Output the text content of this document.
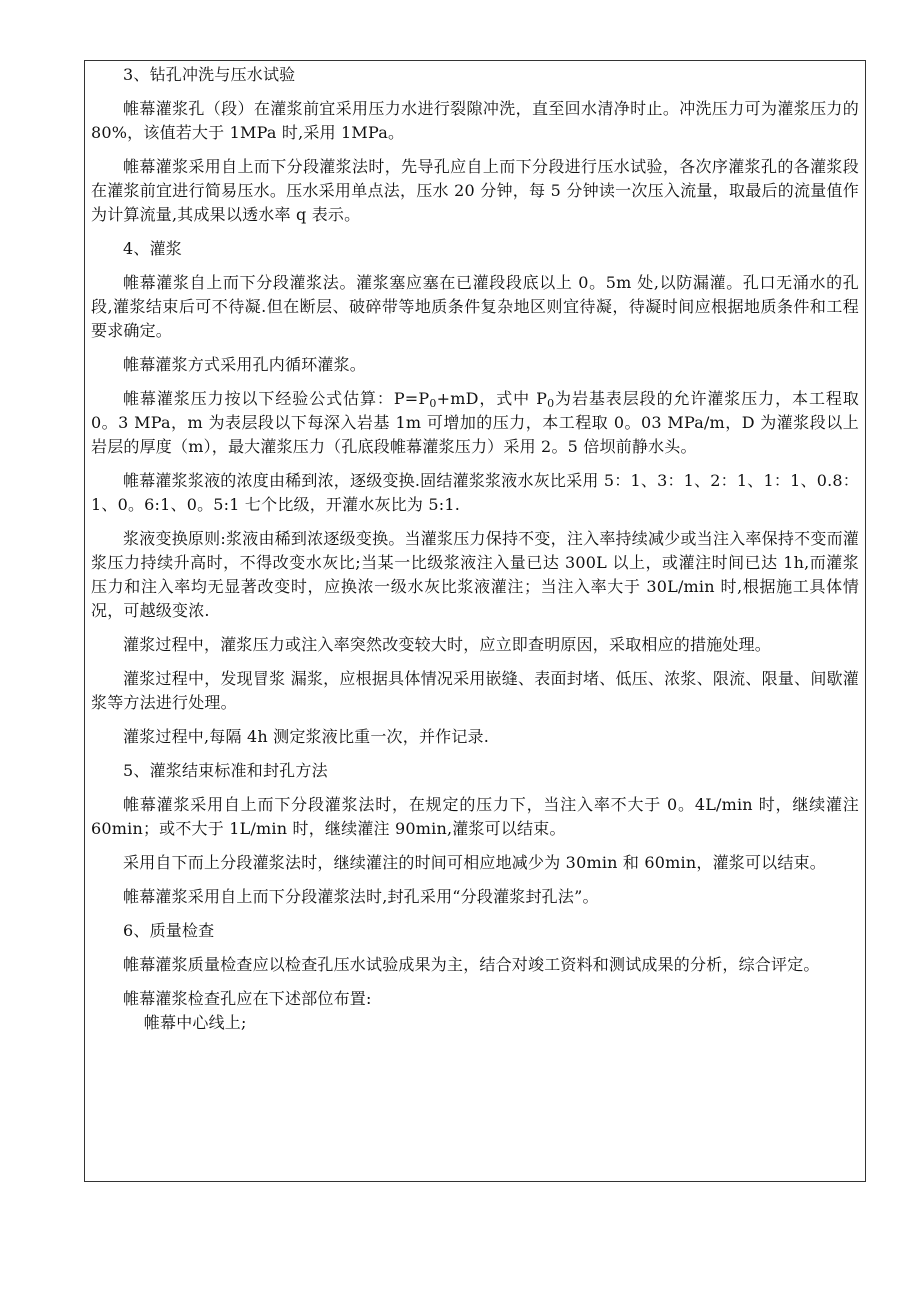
3、钻孔冲洗与压水试验

帷幕灌浆孔（段）在灌浆前宜采用压力水进行裂隙冲洗，直至回水清净时止。冲洗压力可为灌浆压力的 80%，该值若大于 1MPa 时,采用 1MPa。

帷幕灌浆采用自上而下分段灌浆法时，先导孔应自上而下分段进行压水试验，各次序灌浆孔的各灌浆段在灌浆前宜进行简易压水。压水采用单点法，压水 20 分钟，每 5 分钟读一次压入流量，取最后的流量值作为计算流量,其成果以透水率 q 表示。

4、灌浆

帷幕灌浆自上而下分段灌浆法。灌浆塞应塞在已灌段段底以上 0。5m 处,以防漏灌。孔口无涌水的孔段,灌浆结束后可不待凝.但在断层、破碎带等地质条件复杂地区则宜待凝，待凝时间应根据地质条件和工程要求确定。

帷幕灌浆方式采用孔内循环灌浆。

帷幕灌浆压力按以下经验公式估算：$P=P_0+mD$，式中 $P_0$为岩基表层段的允许灌浆压力，本工程取 0。3 MPa，m 为表层段以下每深入岩基 1m 可增加的压力，本工程取 0。03 MPa/m，D 为灌浆段以上岩层的厚度（m），最大灌浆压力（孔底段帷幕灌浆压力）采用 2。5 倍坝前静水头。

帷幕灌浆浆液的浓度由稀到浓，逐级变换.固结灌浆浆液水灰比采用 5：1、3：1、2：1、1：1、0.8：1、0。6:1、0。5:1 七个比级，开灌水灰比为 5:1.

浆液变换原则:浆液由稀到浓逐级变换。当灌浆压力保持不变，注入率持续减少或当注入率保持不变而灌浆压力持续升高时，不得改变水灰比;当某一比级浆液注入量已达 300L 以上，或灌注时间已达 1h,而灌浆压力和注入率均无显著改变时，应换浓一级水灰比浆液灌注；当注入率大于 30L/min 时,根据施工具体情况，可越级变浓.

灌浆过程中，灌浆压力或注入率突然改变较大时，应立即查明原因，采取相应的措施处理。

灌浆过程中，发现冒浆 漏浆，应根据具体情况采用嵌缝、表面封堵、低压、浓浆、限流、限量、间歇灌浆等方法进行处理。

灌浆过程中,每隔 4h 测定浆液比重一次，并作记录.

5、灌浆结束标准和封孔方法

帷幕灌浆采用自上而下分段灌浆法时，在规定的压力下，当注入率不大于 0。4L/min 时，继续灌注 60min；或不大于 1L/min 时，继续灌注 90min,灌浆可以结束。

采用自下而上分段灌浆法时，继续灌注的时间可相应地减少为 30min 和 60min，灌浆可以结束。

帷幕灌浆采用自上而下分段灌浆法时,封孔采用“分段灌浆封孔法”。

6、质量检查

帷幕灌浆质量检查应以检查孔压水试验成果为主，结合对竣工资料和测试成果的分析，综合评定。

帷幕灌浆检查孔应在下述部位布置:

帷幕中心线上;
